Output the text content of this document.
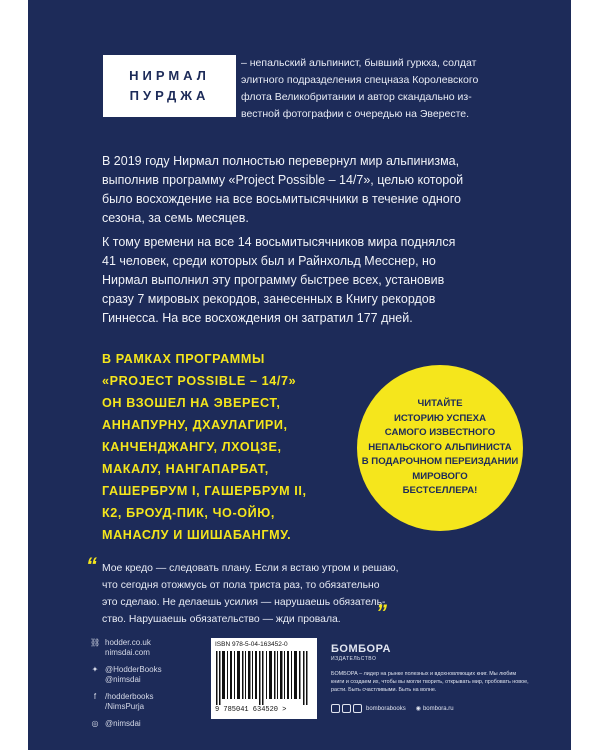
НИРМАЛ
ПУРДЖА
– непальский альпинист, бывший гуркха, солдат
элитного подразделения спецназа Королевского
флота Великобритании и автор скандально из-
вестной фотографии с очередью на Эвересте.
В 2019 году Нирмал полностью перевернул мир альпинизма,
выполнив программу «Project Possible – 14/7», целью которой
было восхождение на все восьмитысячники в течение одного
сезона, за семь месяцев.
К тому времени на все 14 восьмитысячников мира поднялся
41 человек, среди которых был и Райнхольд Месснер, но
Нирмал выполнил эту программу быстрее всех, установив
сразу 7 мировых рекордов, занесенных в Книгу рекордов
Гиннесса. На все восхождения он затратил 177 дней.
В РАМКАХ ПРОГРАММЫ
«PROJECT POSSIBLE – 14/7»
ОН ВЗОШЕЛ НА ЭВЕРЕСТ,
АННАПУРНУ, ДХАУЛАГИРИ,
КАНЧЕНДЖАНГУ, ЛХОЦЗЕ,
МАКАЛУ, НАНГАПАРБАТ,
ГАШЕРБРУМ I, ГАШЕРБРУМ II,
К2, БРОУД-ПИК, ЧО-ОЙЮ,
МАНАСЛУ И ШИШАБАНГМУ.
ЧИТАЙТЕ
ИСТОРИЮ УСПЕХА
САМОГО ИЗВЕСТНОГО
НЕПАЛЬСКОГО АЛЬПИНИСТА
В ПОДАРОЧНОМ ПЕРЕИЗДАНИИ
МИРОВОГО
БЕСТСЕЛЛЕРА!
“ Мое кредо — следовать плану. Если я встаю утром и решаю,
что сегодня отожмусь от пола триста раз, то обязательно
это сделаю. Не делаешь усилия — нарушаешь обязатель-
ство. Нарушаешь обязательство — жди провала.	”
⛓ hodder.co.uk
nimsdai.com
✦ @HodderBooks
@nimsdai
f	/hodderbooks
/NimsPurja
◎ @nimsdai
ISBN 978-5-04-163452-0
9 785041 634520 >
БОМБОРА
ИЗДАТЕЛЬСТВО
БОМБОРА – лидер на рынке полезных и вдохновляющих книг. Мы любим книги и создаем их, чтобы вы могли творить, открывать мир, пробовать новое, расти. Быть счастливыми. Быть на волне.
bomborabooks ◉ bombora.ru
